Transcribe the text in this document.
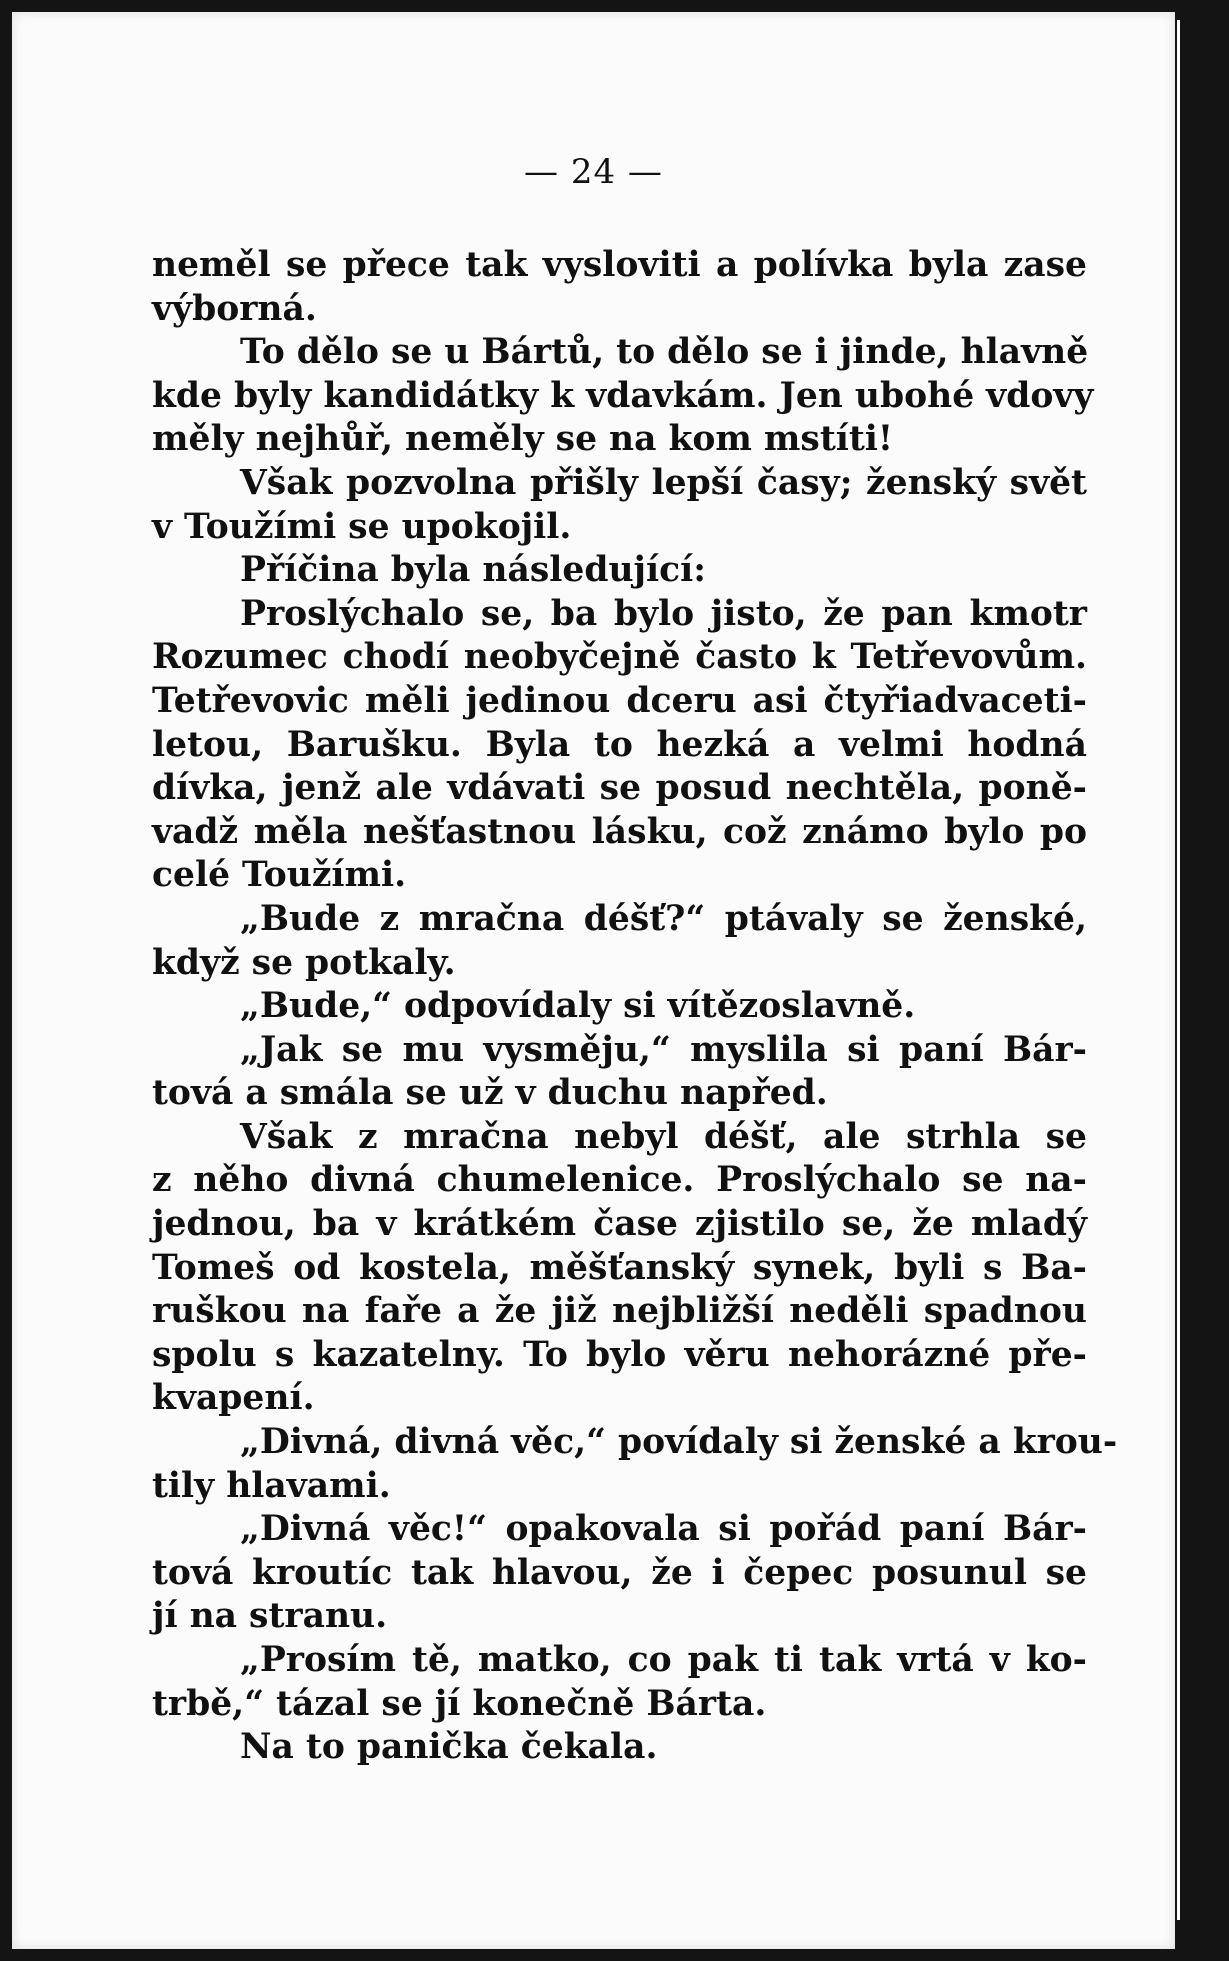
— 24 —
neměl se přece tak vysloviti a polívka byla zase
výborná.
To dělo se u Bártů, to dělo se i jinde, hlavně
kde byly kandidátky k vdavkám. Jen ubohé vdovy
měly nejhůř, neměly se na kom mstíti!
Však pozvolna přišly lepší časy; ženský svět
v Toužími se upokojil.
Příčina byla následující:
Proslýchalo se, ba bylo jisto, že pan kmotr
Rozumec chodí neobyčejně často k Tetřevovům.
Tetřevovic měli jedinou dceru asi čtyřiadvaceti-
letou, Barušku. Byla to hezká a velmi hodná
dívka, jenž ale vdávati se posud nechtěla, poně-
vadž měla nešťastnou lásku, což známo bylo po
celé Toužími.
„Bude z mračna déšť?“ ptávaly se ženské,
když se potkaly.
„Bude,“ odpovídaly si vítězoslavně.
„Jak se mu vysměju,“ myslila si paní Bár-
tová a smála se už v duchu napřed.
Však z mračna nebyl déšť, ale strhla se
z něho divná chumelenice. Proslýchalo se na-
jednou, ba v krátkém čase zjistilo se, že mladý
Tomeš od kostela, měšťanský synek, byli s Ba-
ruškou na faře a že již nejbližší neděli spadnou
spolu s kazatelny. To bylo věru nehorázné pře-
kvapení.
„Divná, divná věc,“ povídaly si ženské a krou-
tily hlavami.
„Divná věc!“ opakovala si pořád paní Bár-
tová kroutíc tak hlavou, že i čepec posunul se
jí na stranu.
„Prosím tě, matko, co pak ti tak vrtá v ko-
trbě,“ tázal se jí konečně Bárta.
Na to panička čekala.
